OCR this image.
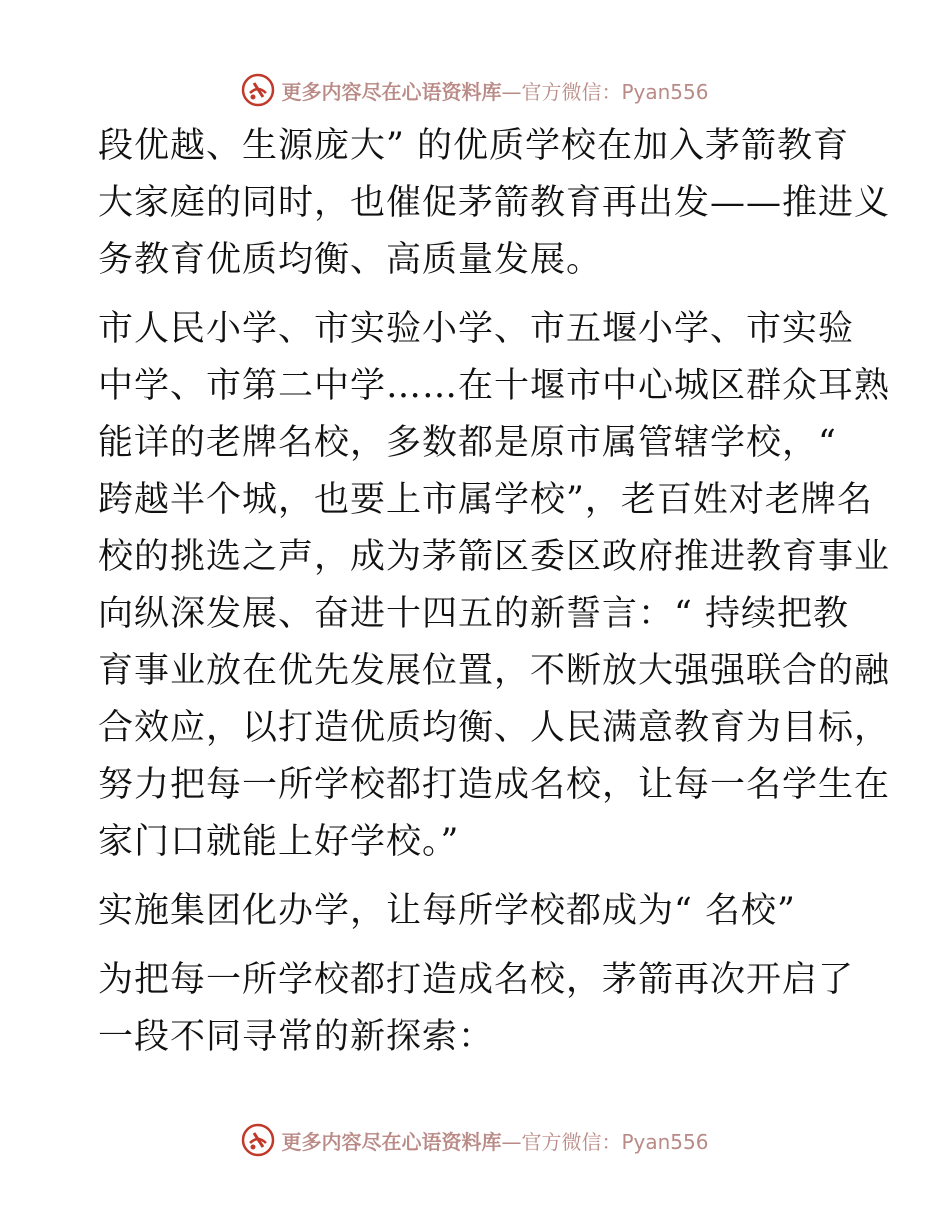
更多内容尽在心语资料库 —官方微信：Pyan556

段优越、生源庞大” 的优质学校在加入茅箭教育
大家庭的同时，也催促茅箭教育再出发——推进义
务教育优质均衡、高质量发展。

市人民小学、市实验小学、市五堰小学、市实验
中学、市第二中学……在十堰市中心城区群众耳熟
能详的老牌名校，多数都是原市属管辖学校，“
跨越半个城，也要上市属学校”，老百姓对老牌名
校的挑选之声，成为茅箭区委区政府推进教育事业
向纵深发展、奋进十四五的新誓言：“ 持续把教
育事业放在优先发展位置，不断放大强强联合的融
合效应，以打造优质均衡、人民满意教育为目标，
努力把每一所学校都打造成名校，让每一名学生在
家门口就能上好学校。”

实施集团化办学，让每所学校都成为“ 名校”

为把每一所学校都打造成名校，茅箭再次开启了
一段不同寻常的新探索：

更多内容尽在心语资料库 —官方微信：Pyan556
